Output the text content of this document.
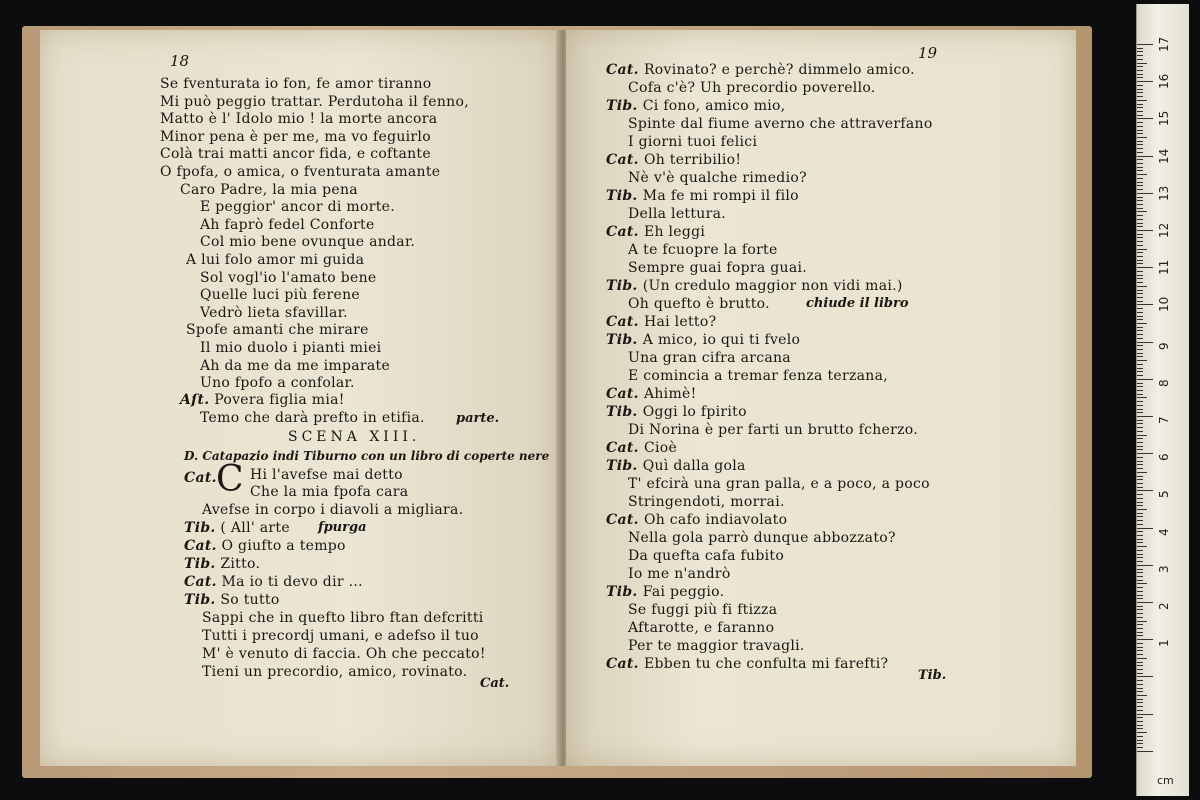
18
Aſt. Povera figlia mia!
Temo che darà prefto in etifia. parte.
SCENA XIII.
D. Catapazio indi Tiburno con un libro di coperte nere
Cat. C Hi l'avefse mai detto
Che la mia fpofa cara
Avefse in corpo i diavoli a migliara.
Tib. ( All' arte fpurga
Cat. O giufto a tempo
Tib. Zitto.
Cat. Ma io ti devo dir ...
Tib. So tutto
Cat.
Se fventurata io fon, fe amor tiranno
Mi può peggio trattar. Perdutoha il fenno,
Matto è l' Idolo mio ! la morte ancora
Minor pena è per me, ma vo feguirlo
Colà trai matti ancor fida, e coftante
O fpofa, o amica, o fventurata amante
Caro Padre, la mia pena
E peggior' ancor di morte.
Ah faprò fedel Conforte
Col mio bene ovunque andar.
A lui folo amor mi guida
Sol vogl'io l'amato bene
Quelle luci più ferene
Vedrò lieta sfavillar.
Spofe amanti che mirare
Il mio duolo i pianti miei
Ah da me da me imparate
Uno fpofo a confolar.
Sappi che in quefto libro ftan defcritti
Tutti i precordj umani, e adefso il tuo
M' è venuto di faccia. Oh che peccato!
Tieni un precordio, amico, rovinato.
19
chiude il libro
Tib.
Cat. Rovinato? e perchè? dimmelo amico.
Cofa c'è? Uh precordio poverello.
Tib. Ci fono, amico mio,
Spinte dal fiume averno che attraverfano
I giorni tuoi felici
Cat. Oh terribilio!
Nè v'è qualche rimedio?
Tib. Ma fe mi rompi il filo
Della lettura.
Cat. Eh leggi
A te fcuopre la forte
Sempre guai fopra guai.
Tib. (Un credulo maggior non vidi mai.)
Oh quefto è brutto.
Cat. Hai letto?
Tib. A mico, io qui ti fvelo
Una gran cifra arcana
E comincia a tremar fenza terzana,
Cat. Ahimè!
Tib. Oggi lo fpirito
Di Norina è per farti un brutto fcherzo.
Cat. Cioè
Tib. Quì dalla gola
T' efcirà una gran palla, e a poco, a poco
Stringendoti, morrai.
Cat. Oh cafo indiavolato
Nella gola parrò dunque abbozzato?
Da quefta cafa fubito
Io me n'andrò
Tib. Fai peggio.
Se fuggi più fi ftizza
Aftarotte, e faranno
Per te maggior travagli.
Cat. Ebben tu che confulta mi farefti?
17
16
15
14
13
12
11
10
9
8
7
6
5
4
3
2
1
cm
